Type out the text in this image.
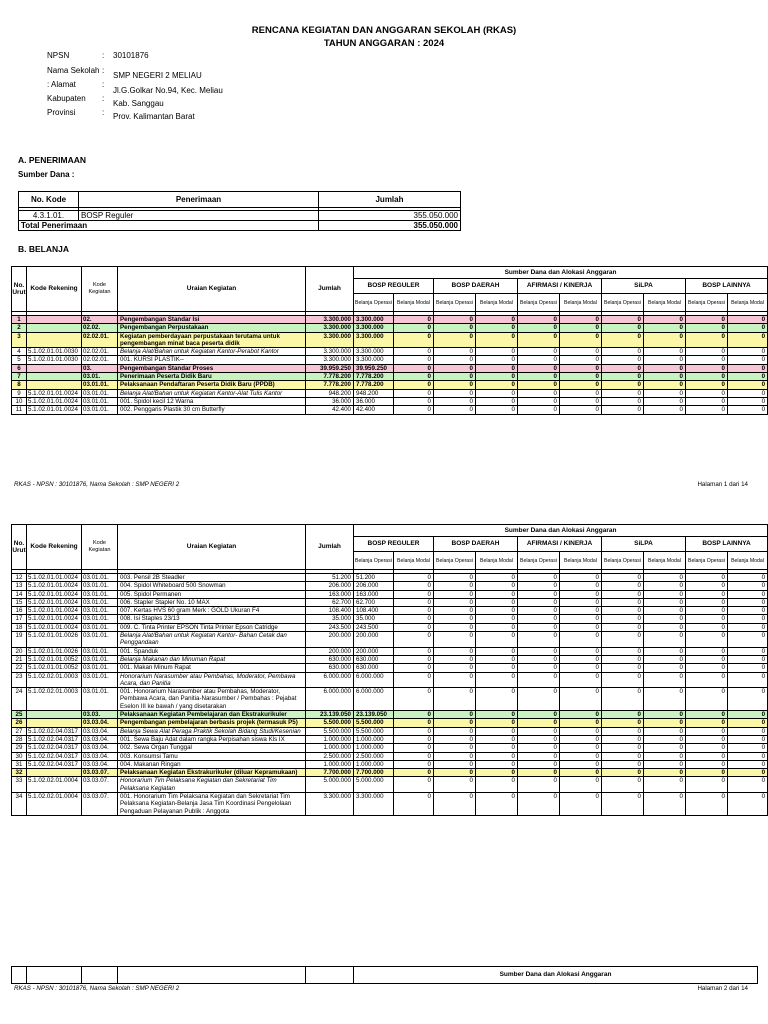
RENCANA KEGIATAN DAN ANGGARAN SEKOLAH (RKAS)
TAHUN ANGGARAN : 2024
NPSN	: 30101876
Nama Sekolah :
SMP NEGERI 2 MELIAU
: Alamat	:
Jl.G.Golkar No.94, Kec. Meliau
Kabupaten :
Kab. Sanggau
Provinsi	: Prov. Kalimantan Barat
A. PENERIMAAN
Sumber Dana :
No. Kode	Penerimaan	Jumlah

4.3.1.01.	BOSP Reguler	355.050.000
Total Penerimaan		355.050.000
B. BELANJA
No. Urut	Kode Rekening	Kode Kegiatan	Uraian Kegiatan	Jumlah	Sumber Dana dan Alokasi Anggaran									
					BOSP REGULER		BOSP DAERAH		AFIRMASI / KINERJA		SiLPA		BOSP LAINNYA	
					Belanja Operasi	Belanja Modal	Belanja Operasi	Belanja Modal	Belanja Operasi	Belanja Modal	Belanja Operasi	Belanja Modal	Belanja Operasi	Belanja Modal

1		02.	Pengembangan Standar Isi	3.300.000	3.300.000	0	0	0	0	0	0	0	0	0
2		02.02.	Pengembangan Perpustakaan	3.300.000	3.300.000	0	0	0	0	0	0	0	0	0
3		02.02.01.	Kegiatan pemberdayaan perpustakaan terutama untuk pengembangan minat baca peserta didik	3.300.000	3.300.000	0	0	0	0	0	0	0	0	0
4	5.1.02.01.01.0030	02.02.01.	Belanja Alat/Bahan untuk Kegiatan Kantor-Perabot Kantor	3.300.000	3.300.000	0	0	0	0	0	0	0	0	0
5	5.1.02.01.01.0030	02.02.01.	001. KURSI PLASTIK--	3.300.000	3.300.000	0	0	0	0	0	0	0	0	0
6		03.	Pengembangan Standar Proses	39.959.250	39.959.250	0	0	0	0	0	0	0	0	0
7		03.01.	Penerimaan Peserta Didik Baru	7.778.200	7.778.200	0	0	0	0	0	0	0	0	0
8		03.01.01.	Pelaksanaan Pendaftaran Peserta Didik Baru (PPDB)	7.778.200	7.778.200	0	0	0	0	0	0	0	0	0
9	5.1.02.01.01.0024	03.01.01.	Belanja Alat/Bahan untuk Kegiatan Kantor-Alat Tulis Kantor	948.200	948.200	0	0	0	0	0	0	0	0	0
10	5.1.02.01.01.0024	03.01.01.	001. Spidol kecil 12 Warna	36.000	36.000	0	0	0	0	0	0	0	0	0
11	5.1.02.01.01.0024	03.01.01.	002. Penggaris Plastik 30 cm Butterfly	42.400	42.400	0	0	0	0	0	0	0	0	0
RKAS - NPSN : 30101876, Nama Sekolah : SMP NEGERI 2	Halaman 1 dari 14
No. Urut	Kode Rekening	Kode Kegiatan	Uraian Kegiatan	Jumlah	Sumber Dana dan Alokasi Anggaran									
					BOSP REGULER		BOSP DAERAH		AFIRMASI / KINERJA		SiLPA		BOSP LAINNYA	
					Belanja Operasi	Belanja Modal	Belanja Operasi	Belanja Modal	Belanja Operasi	Belanja Modal	Belanja Operasi	Belanja Modal	Belanja Operasi	Belanja Modal

12	5.1.02.01.01.0024	03.01.01.	003. Pensil 2B Steadler	51.200	51.200	0	0	0	0	0	0	0	0	0
13	5.1.02.01.01.0024	03.01.01.	004. Spidol Whiteboard 500 Snowman	206.000	206.000	0	0	0	0	0	0	0	0	0
14	5.1.02.01.01.0024	03.01.01.	005. Spidol Permanen	163.000	163.000	0	0	0	0	0	0	0	0	0
15	5.1.02.01.01.0024	03.01.01.	006. Stapler Stapler No. 10 MAX	62.700	62.700	0	0	0	0	0	0	0	0	0
16	5.1.02.01.01.0024	03.01.01.	007. Kertas HVS 60 gram Merk : GOLD Ukuran F4	108.400	108.400	0	0	0	0	0	0	0	0	0
17	5.1.02.01.01.0024	03.01.01.	008. Isi Staples 23/13	35.000	35.000	0	0	0	0	0	0	0	0	0
18	5.1.02.01.01.0024	03.01.01.	009. C. Tinta Printer EPSON Tinta Printer Epson Catridge	243.500	243.500	0	0	0	0	0	0	0	0	0
19	5.1.02.01.01.0026	03.01.01.	Belanja Alat/Bahan untuk Kegiatan Kantor- Bahan Cetak dan Penggandaan	200.000	200.000	0	0	0	0	0	0	0	0	0
20	5.1.02.01.01.0026	03.01.01.	001. Spanduk	200.000	200.000	0	0	0	0	0	0	0	0	0
21	5.1.02.01.01.0052	03.01.01.	Belanja Makanan dan Minuman Rapat	630.000	630.000	0	0	0	0	0	0	0	0	0
22	5.1.02.01.01.0052	03.01.01.	001. Makan Minum Rapat	630.000	630.000	0	0	0	0	0	0	0	0	0
23	5.1.02.02.01.0003	03.01.01.	Honorarium Narasumber atau Pembahas, Moderator, Pembawa Acara, dan Panitia	6.000.000	6.000.000	0	0	0	0	0	0	0	0	0
24	5.1.02.02.01.0003	03.01.01.	001. Honorarium Narasumber atau Pembahas, Moderator, Pembawa Acara, dan Panitia-Narasumber / Pembahas : Pejabat Eselon III ke bawah / yang disetarakan	6.000.000	6.000.000	0	0	0	0	0	0	0	0	0
25		03.03.	Pelaksanaan Kegiatan Pembelajaran dan Ekstrakurikuler	23.139.050	23.139.050	0	0	0	0	0	0	0	0	0
26		03.03.04.	Pengembangan pembelajaran berbasis projek (termasuk P5)	5.500.000	5.500.000	0	0	0	0	0	0	0	0	0
27	5.1.02.02.04.0317	03.03.04.	Belanja Sewa Alat Peraga Praktik Sekolah Bidang Studi/Kesenian	5.500.000	5.500.000	0	0	0	0	0	0	0	0	0
28	5.1.02.02.04.0317	03.03.04.	001. Sewa Baju Adat dalam rangka Perpisahan siswa Kls IX	1.000.000	1.000.000	0	0	0	0	0	0	0	0	0
29	5.1.02.02.04.0317	03.03.04.	002. Sewa Organ Tunggal	1.000.000	1.000.000	0	0	0	0	0	0	0	0	0
30	5.1.02.02.04.0317	03.03.04.	003. Konsumsi Tamu	2.500.000	2.500.000	0	0	0	0	0	0	0	0	0
31	5.1.02.02.04.0317	03.03.04.	004. Makanan Ringan	1.000.000	1.000.000	0	0	0	0	0	0	0	0	0
32		03.03.07.	Pelaksanaan Kegiatan Ekstrakurikuler (diluar Kepramukaan)	7.700.000	7.700.000	0	0	0	0	0	0	0	0	0
33	5.1.02.02.01.0004	03.03.07.	Honorarium Tim Pelaksana Kegiatan dan Sekretariat Tim Pelaksana Kegiatan	5.000.000	5.000.000	0	0	0	0	0	0	0	0	0
34	5.1.02.02.01.0004	03.03.07.	001. Honorarium Tim Pelaksana Kegiatan dan Sekretariat Tim Pelaksana Kegiatan-Belanja Jasa Tim Koordinasi Pengelolaan Pengaduan Pelayanan Publik : Anggota	3.300.000	3.300.000	0	0	0	0	0	0	0	0	0
					Sumber Dana dan Alokasi Anggaran
RKAS - NPSN : 30101876, Nama Sekolah : SMP NEGERI 2	Halaman 2 dari 14
